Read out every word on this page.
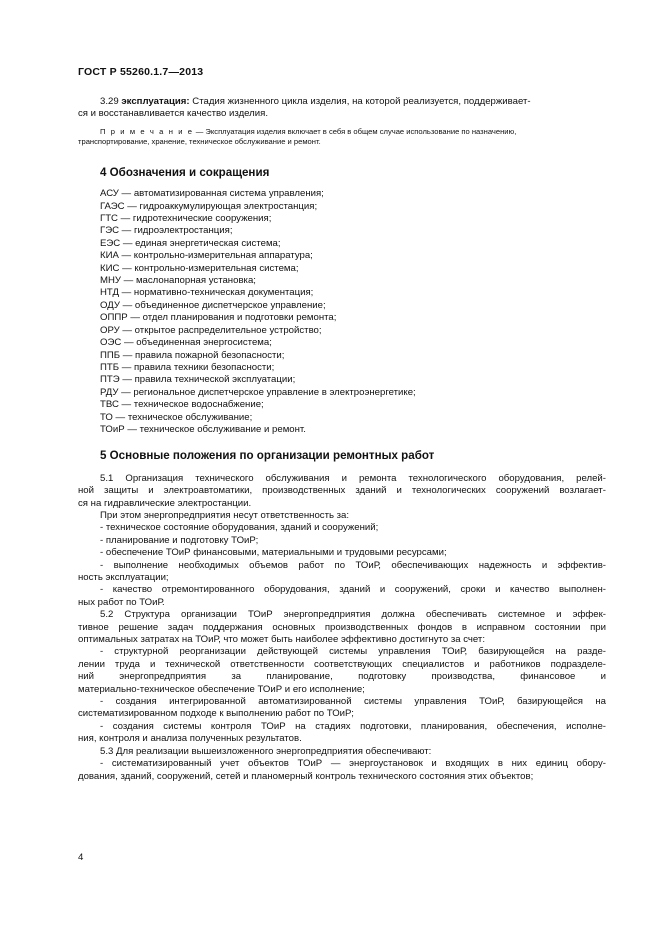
ГОСТ Р 55260.1.7—2013

3.29 эксплуатация: Стадия жизненного цикла изделия, на которой реализуется, поддерживает-

ся и восстанавливается качество изделия.

П р и м е ч а н и е — Эксплуатация изделия включает в себя в общем случае использование по назначению,

транспортирование, хранение, техническое обслуживание и ремонт.

4 Обозначения и сокращения

АСУ — автоматизированная система управления;

ГАЭС — гидроаккумулирующая электростанция;

ГТС — гидротехнические сооружения;

ГЭС — гидроэлектростанция;

ЕЭС — единая энергетическая система;

КИА — контрольно-измерительная аппаратура;

КИС — контрольно-измерительная система;

МНУ — маслонапорная установка;

НТД — нормативно-техническая документация;

ОДУ — объединенное диспетчерское управление;

ОППР — отдел планирования и подготовки ремонта;

ОРУ — открытое распределительное устройство;

ОЭС — объединенная энергосистема;

ППБ — правила пожарной безопасности;

ПТБ — правила техники безопасности;

ПТЭ — правила технической эксплуатации;

РДУ — региональное диспетчерское управление в электроэнергетике;

ТВС — техническое водоснабжение;

ТО — техническое обслуживание;

ТОиР — техническое обслуживание и ремонт.

5 Основные положения по организации ремонтных работ

5.1 Организация технического обслуживания и ремонта технологического оборудования, релей-

ной защиты и электроавтоматики, производственных зданий и технологических сооружений возлагает-

ся на гидравлические электростанции.

При этом энергопредприятия несут ответственность за:

- техническое состояние оборудования, зданий и сооружений;

- планирование и подготовку ТОиР;

- обеспечение ТОиР финансовыми, материальными и трудовыми ресурсами;

- выполнение необходимых объемов работ по ТОиР, обеспечивающих надежность и эффектив-

ность эксплуатации;

- качество отремонтированного оборудования, зданий и сооружений, сроки и качество выполнен-

ных работ по ТОиР.

5.2 Структура организации ТОиР энергопредприятия должна обеспечивать системное и эффек-

тивное решение задач поддержания основных производственных фондов в исправном состоянии при

оптимальных затратах на ТОиР, что может быть наиболее эффективно достигнуто за счет:

- структурной реорганизации действующей системы управления ТОиР, базирующейся на разде-

лении труда и технической ответственности соответствующих специалистов и работников подразделе-

ний энергопредприятия за планирование, подготовку производства, финансовое и

материально-техническое обеспечение ТОиР и его исполнение;

- создания интегрированной автоматизированной системы управления ТОиР, базирующейся на

систематизированном подходе к выполнению работ по ТОиР;

- создания системы контроля ТОиР на стадиях подготовки, планирования, обеспечения, исполне-

ния, контроля и анализа полученных результатов.

5.3 Для реализации вышеизложенного энергопредприятия обеспечивают:

- систематизированный учет объектов ТОиР — энергоустановок и входящих в них единиц обору-

дования, зданий, сооружений, сетей и планомерный контроль технического состояния этих объектов;

4
